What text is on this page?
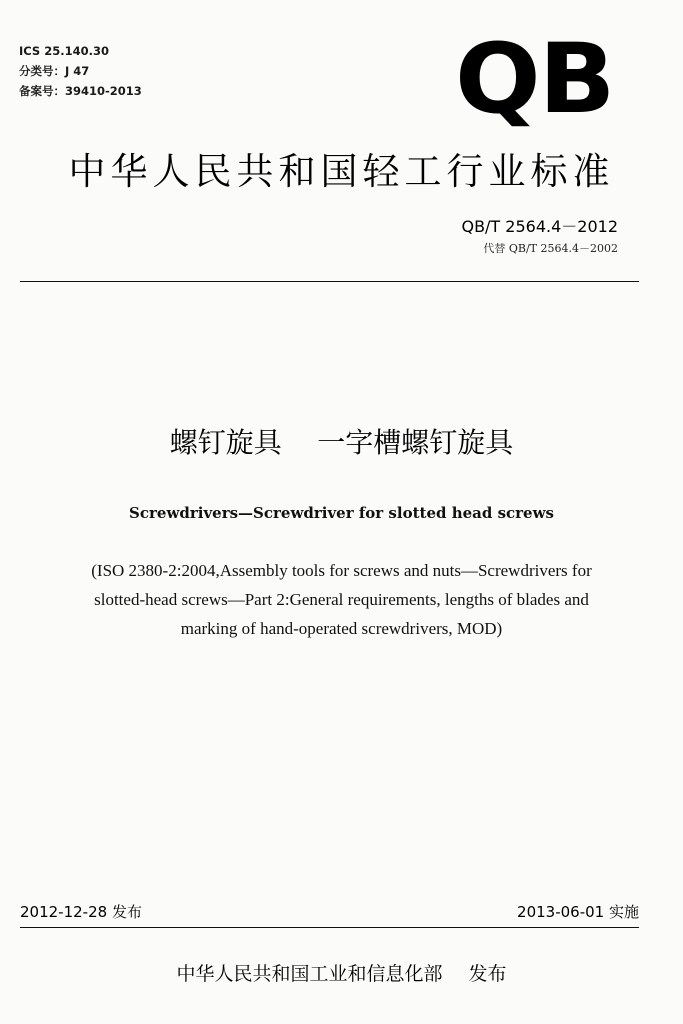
ICS 25.140.30
分类号：J 47
备案号：39410-2013	QB
中华人民共和国轻工行业标准
QB/T 2564.4－2012
代替 QB/T 2564.4－2002
螺钉旋具    一字槽螺钉旋具
Screwdrivers—Screwdriver for slotted head screws
(ISO 2380-2:2004,Assembly tools for screws and nuts—Screwdrivers for
slotted-head screws—Part 2:General requirements, lengths of blades and
marking of hand-operated screwdrivers, MOD)
2012-12-28 发布	2013-06-01 实施
中华人民共和国工业和信息化部 发布
